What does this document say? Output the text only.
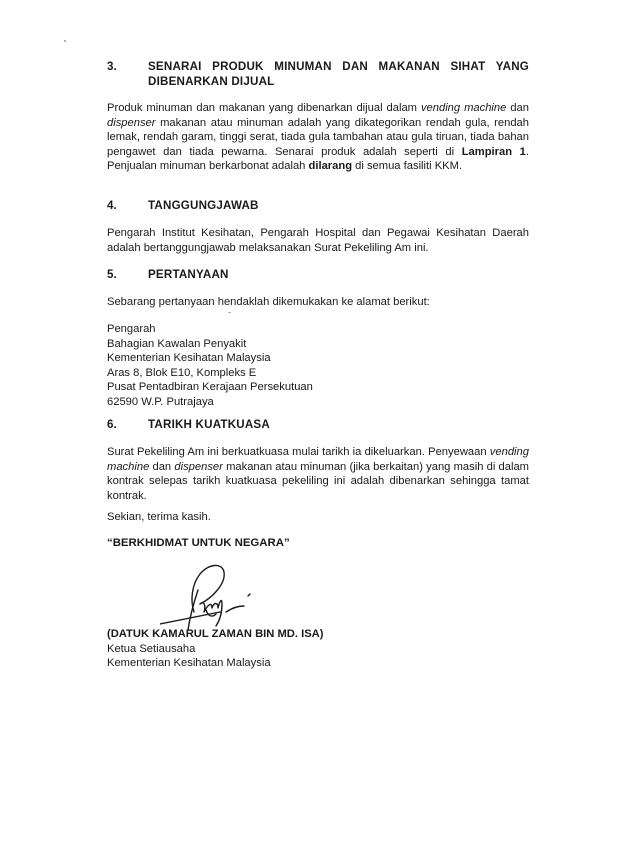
3.	SENARAI PRODUK MINUMAN DAN MAKANAN SIHAT YANG
DIBENARKAN DIJUAL
Produk minuman dan makanan yang dibenarkan dijual dalam vending machine dan dispenser makanan atau minuman adalah yang dikategorikan rendah gula, rendah lemak, rendah garam, tinggi serat, tiada gula tambahan atau gula tiruan, tiada bahan pengawet dan tiada pewarna. Senarai produk adalah seperti di Lampiran 1. Penjualan minuman berkarbonat adalah dilarang di semua fasiliti KKM.
4.	TANGGUNGJAWAB
Pengarah Institut Kesihatan, Pengarah Hospital dan Pegawai Kesihatan Daerah adalah bertanggungjawab melaksanakan Surat Pekeliling Am ini.
5.	PERTANYAAN
Sebarang pertanyaan hendaklah dikemukakan ke alamat berikut:
Pengarah
Bahagian Kawalan Penyakit
Kementerian Kesihatan Malaysia
Aras 8, Blok E10, Kompleks E
Pusat Pentadbiran Kerajaan Persekutuan
62590 W.P. Putrajaya
6.	TARIKH KUATKUASA
Surat Pekeliling Am ini berkuatkuasa mulai tarikh ia dikeluarkan. Penyewaan vending machine dan dispenser makanan atau minuman (jika berkaitan) yang masih di dalam kontrak selepas tarikh kuatkuasa pekeliling ini adalah dibenarkan sehingga tamat kontrak.
Sekian, terima kasih.
“BERKHIDMAT UNTUK NEGARA”
(DATUK KAMARUL ZAMAN BIN MD. ISA)
Ketua Setiausaha
Kementerian Kesihatan Malaysia
